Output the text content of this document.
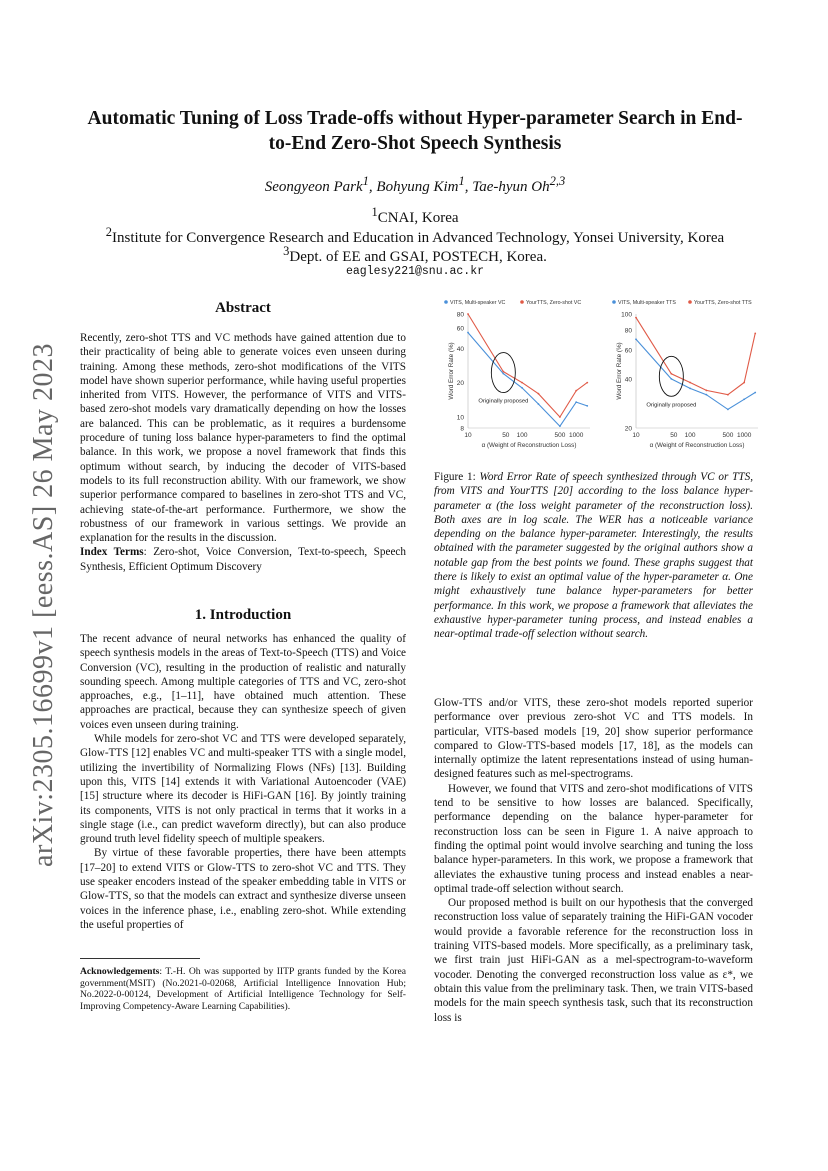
arXiv:2305.16699v1 [eess.AS] 26 May 2023
Automatic Tuning of Loss Trade-offs without Hyper-parameter Search in End-to-End Zero-Shot Speech Synthesis
Seongyeon Park$^1$, Bohyung Kim$^1$, Tae-hyun Oh$^{2,3}$
$^1$CNAI, Korea
$^2$Institute for Convergence Research and Education in Advanced Technology, Yonsei University, Korea
$^3$Dept. of EE and GSAI, POSTECH, Korea.
eaglesy221@snu.ac.kr
Abstract

Recently, zero-shot TTS and VC methods have gained attention due to their practicality of being able to generate voices even unseen during training. Among these methods, zero-shot modifications of the VITS model have shown superior performance, while having useful properties inherited from VITS. However, the performance of VITS and VITS-based zero-shot models vary dramatically depending on how the losses are balanced. This can be problematic, as it requires a burdensome procedure of tuning loss balance hyper-parameters to find the optimal balance. In this work, we propose a novel framework that finds this optimum without search, by inducing the decoder of VITS-based models to its full reconstruction ability. With our framework, we show superior performance compared to baselines in zero-shot TTS and VC, achieving state-of-the-art performance. Furthermore, we show the robustness of our framework in various settings. We provide an explanation for the results in the discussion.

Index Terms: Zero-shot, Voice Conversion, Text-to-speech, Speech Synthesis, Efficient Optimum Discovery

1. Introduction

The recent advance of neural networks has enhanced the quality of speech synthesis models in the areas of Text-to-Speech (TTS) and Voice Conversion (VC), resulting in the production of realistic and naturally sounding speech. Among multiple categories of TTS and VC, zero-shot approaches, e.g., [1–11], have obtained much attention. These approaches are practical, because they can synthesize speech of given voices even unseen during training.

While models for zero-shot VC and TTS were developed separately, Glow-TTS [12] enables VC and multi-speaker TTS with a single model, utilizing the invertibility of Normalizing Flows (NFs) [13]. Building upon this, VITS [14] extends it with Variational Autoencoder (VAE) [15] structure where its decoder is HiFi-GAN [16]. By jointly training its components, VITS is not only practical in terms that it works in a single stage (i.e., can predict waveform directly), but can also produce ground truth level fidelity speech of multiple speakers.

By virtue of these favorable properties, there have been attempts [17–20] to extend VITS or Glow-TTS to zero-shot VC and TTS. They use speaker encoders instead of the speaker embedding table in VITS or Glow-TTS, so that the models can extract and synthesize diverse unseen voices in the inference phase, i.e., enabling zero-shot. While extending the useful properties of

Acknowledgements: T.-H. Oh was supported by IITP grants funded by the Korea government(MSIT) (No.2021-0-02068, Artificial Intelligence Innovation Hub; No.2022-0-00124, Development of Artificial Intelligence Technology for Self-Improving Competency-Aware Learning Capabilities).
VITS, Multi-speaker VC	YourTTS, Zero-shot VC
8
10
20
40
60
80
10	50 100	500 1000
α (Weight of Reconstruction Loss)
Word Error Rate (%)
Originally proposed
VITS, Multi-speaker TTS	YourTTS, Zero-shot TTS
20
40
60
80
100
10	50 100	500 1000
α (Weight of Reconstruction Loss)
Word Error Rate (%)
Originally proposed
Figure 1: Word Error Rate of speech synthesized through VC or TTS, from VITS and YourTTS [20] according to the loss balance hyper-parameter α (the loss weight parameter of the reconstruction loss). Both axes are in log scale. The WER has a noticeable variance depending on the balance hyper-parameter. Interestingly, the results obtained with the parameter suggested by the original authors show a notable gap from the best points we found. These graphs suggest that there is likely to exist an optimal value of the hyper-parameter α. One might exhaustively tune balance hyper-parameters for better performance. In this work, we propose a framework that alleviates the exhaustive hyper-parameter tuning process, and instead enables a near-optimal trade-off selection without search.

Glow-TTS and/or VITS, these zero-shot models reported superior performance over previous zero-shot VC and TTS models. In particular, VITS-based models [19, 20] show superior performance compared to Glow-TTS-based models [17, 18], as the models can internally optimize the latent representations instead of using human-designed features such as mel-spectrograms.

However, we found that VITS and zero-shot modifications of VITS tend to be sensitive to how losses are balanced. Specifically, performance depending on the balance hyper-parameter for reconstruction loss can be seen in Figure 1. A naive approach to finding the optimal point would involve searching and tuning the loss balance hyper-parameters. In this work, we propose a framework that alleviates the exhaustive tuning process and instead enables a near-optimal trade-off selection without search.

Our proposed method is built on our hypothesis that the converged reconstruction loss value of separately training the HiFi-GAN vocoder would provide a favorable reference for the reconstruction loss in training VITS-based models. More specifically, as a preliminary task, we first train just HiFi-GAN as a mel-spectrogram-to-waveform vocoder. Denoting the converged reconstruction loss value as ε*, we obtain this value from the preliminary task. Then, we train VITS-based models for the main speech synthesis task, such that its reconstruction loss is
